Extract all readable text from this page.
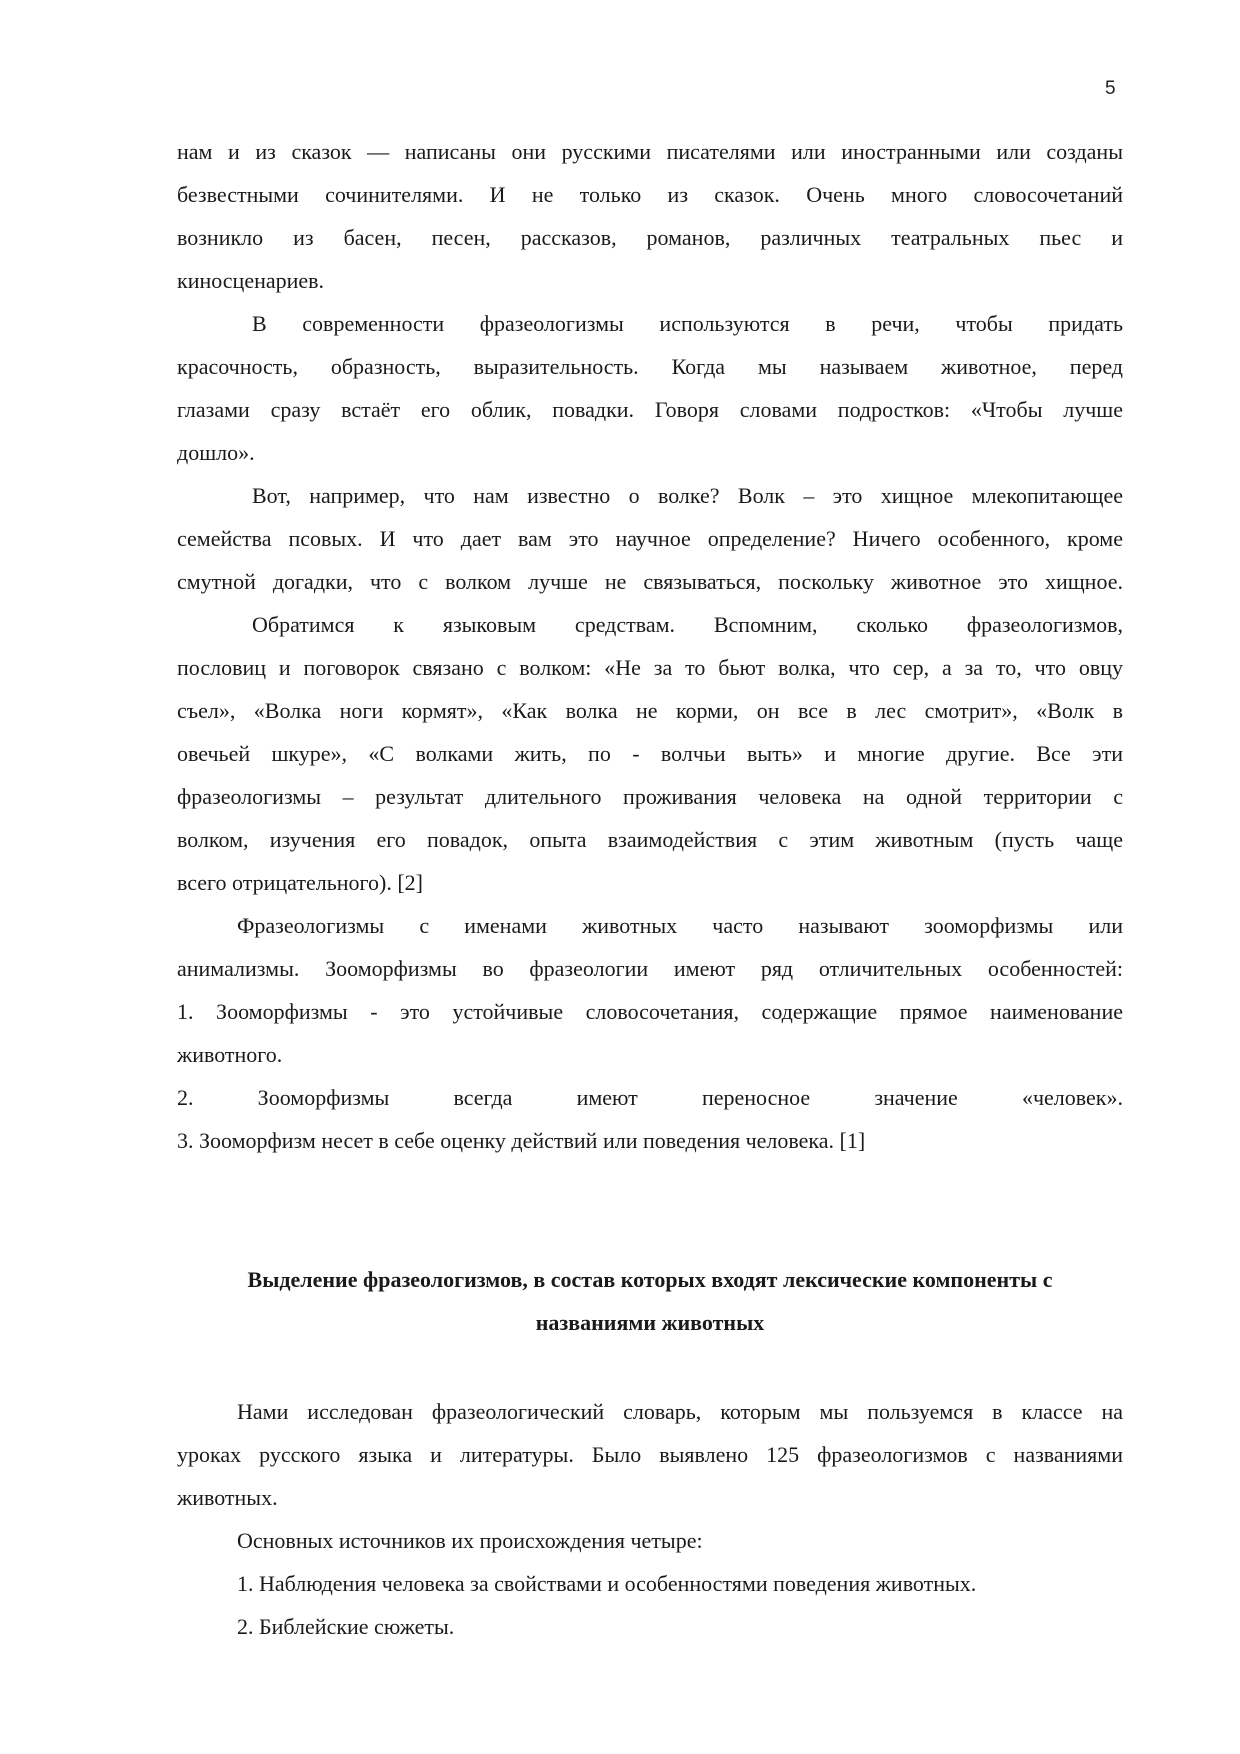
5
нам и из сказок — написаны они русскими писателями или иностранными или созданы
безвестными сочинителями. И не только из сказок. Очень много словосочетаний
возникло из басен, песен, рассказов, романов, различных театральных пьес и
киносценариев.
В современности фразеологизмы используются в речи, чтобы придать
красочность, образность, выразительность. Когда мы называем животное, перед
глазами сразу встаёт его облик, повадки. Говоря словами подростков: «Чтобы лучше
дошло».
Вот, например, что нам известно о волке? Волк – это хищное млекопитающее
семейства псовых. И что дает вам это научное определение? Ничего особенного, кроме
смутной догадки, что с волком лучше не связываться, поскольку животное это хищное.
Обратимся к языковым средствам. Вспомним, сколько фразеологизмов,
пословиц и поговорок связано с волком: «Не за то бьют волка, что сер, а за то, что овцу
съел», «Волка ноги кормят», «Как волка не корми, он все в лес смотрит», «Волк в
овечьей шкуре», «С волками жить, по - волчьи выть» и многие другие. Все эти
фразеологизмы – результат длительного проживания человека на одной территории с
волком, изучения его повадок, опыта взаимодействия с этим животным (пусть чаще
всего отрицательного). [2]
Фразеологизмы с именами животных часто называют зооморфизмы или
анимализмы. Зооморфизмы во фразеологии имеют ряд отличительных особенностей:
1. Зооморфизмы - это устойчивые словосочетания, содержащие прямое наименование
животного.
2. Зооморфизмы всегда имеют переносное значение «человек».
3. Зооморфизм несет в себе оценку действий или поведения человека. [1]
Выделение фразеологизмов, в состав которых входят лексические компоненты с
названиями животных
Нами исследован фразеологический словарь, которым мы пользуемся в классе на
уроках русского языка и литературы. Было выявлено 125 фразеологизмов с названиями
животных.
Основных источников их происхождения четыре:
1. Наблюдения человека за свойствами и особенностями поведения животных.
2. Библейские сюжеты.
